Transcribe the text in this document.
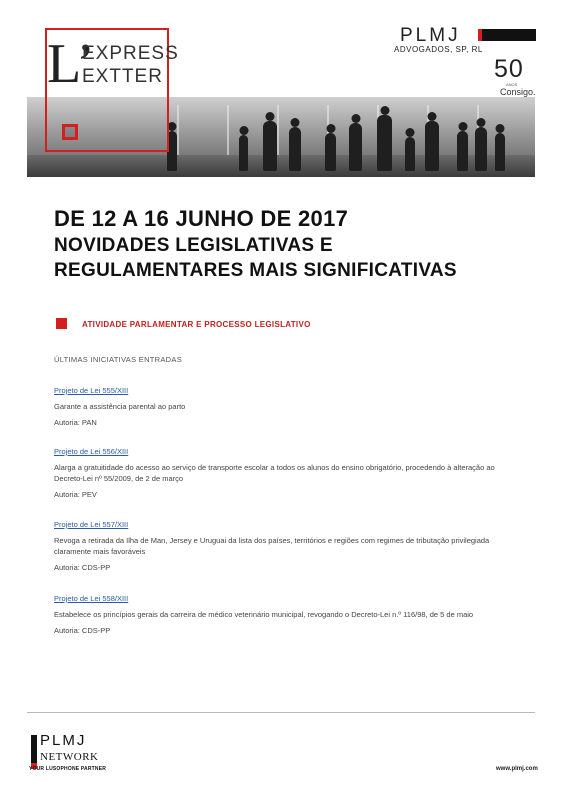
L’
EXPRESS
EXTTER
PLMJ
ADVOGADOS, SP, RL
50
ANOS
Consigo.
DE 12 A 16 JUNHO DE 2017
NOVIDADES LEGISLATIVAS E
REGULAMENTARES MAIS SIGNIFICATIVAS
ATIVIDADE PARLAMENTAR E PROCESSO LEGISLATIVO
ÚLTIMAS INICIATIVAS ENTRADAS
Projeto de Lei 555/XIII
Garante a assistência parental ao parto
Autoria: PAN
Projeto de Lei 556/XIII
Alarga a gratuitidade do acesso ao serviço de transporte escolar a todos os alunos do ensino obrigatório, procedendo à alteração ao Decreto-Lei nº 55/2009, de 2 de março
Autoria: PEV
Projeto de Lei 557/XIII
Revoga a retirada da Ilha de Man, Jersey e Uruguai da lista dos países, territórios e regiões com regimes de tributação privilegiada claramente mais favoráveis
Autoria: CDS-PP
Projeto de Lei 558/XIII
Estabelece os princípios gerais da carreira de médico veterinário municipal, revogando o Decreto-Lei n.º 116/98, de 5 de maio
Autoria: CDS-PP
PLMJ
NETWORK
YOUR LUSOPHONE PARTNER	www.plmj.com
